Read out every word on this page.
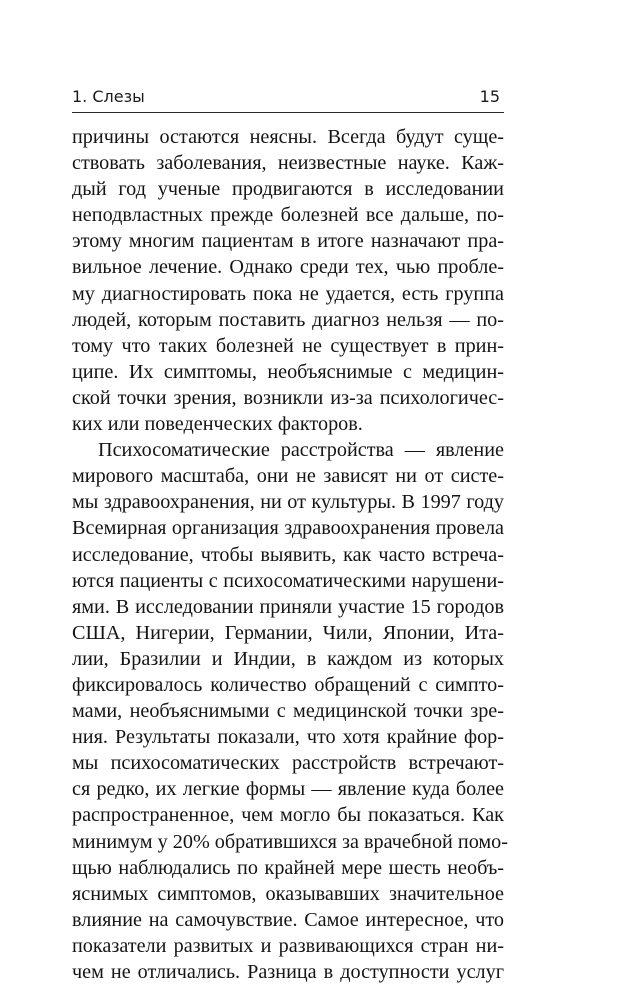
1. Слезы	15
причины остаются неясны. Всегда будут суще-
ствовать заболевания, неизвестные науке. Каж-
дый год ученые продвигаются в исследовании
неподвластных прежде болезней все дальше, по-
этому многим пациентам в итоге назначают пра-
вильное лечение. Однако среди тех, чью пробле-
му диагностировать пока не удается, есть группа
людей, которым поставить диагноз нельзя — по-
тому что таких болезней не существует в прин-
ципе. Их симптомы, необъяснимые с медицин-
ской точки зрения, возникли из-за психологичес-
ких или поведенческих факторов.
Психосоматические расстройства — явление
мирового масштаба, они не зависят ни от систе-
мы здравоохранения, ни от культуры. В 1997 году
Всемирная организация здравоохранения провела
исследование, чтобы выявить, как часто встреча-
ются пациенты с психосоматическими нарушени-
ями. В исследовании приняли участие 15 городов
США, Нигерии, Германии, Чили, Японии, Ита-
лии, Бразилии и Индии, в каждом из которых
фиксировалось количество обращений с симпто-
мами, необъяснимыми с медицинской точки зре-
ния. Результаты показали, что хотя крайние фор-
мы психосоматических расстройств встречают-
ся редко, их легкие формы — явление куда более
распространенное, чем могло бы показаться. Как
минимум у 20% обратившихся за врачебной помо-
щью наблюдались по крайней мере шесть необъ-
яснимых симптомов, оказывавших значительное
влияние на самочувствие. Самое интересное, что
показатели развитых и развивающихся стран ни-
чем не отличались. Разница в доступности услуг
